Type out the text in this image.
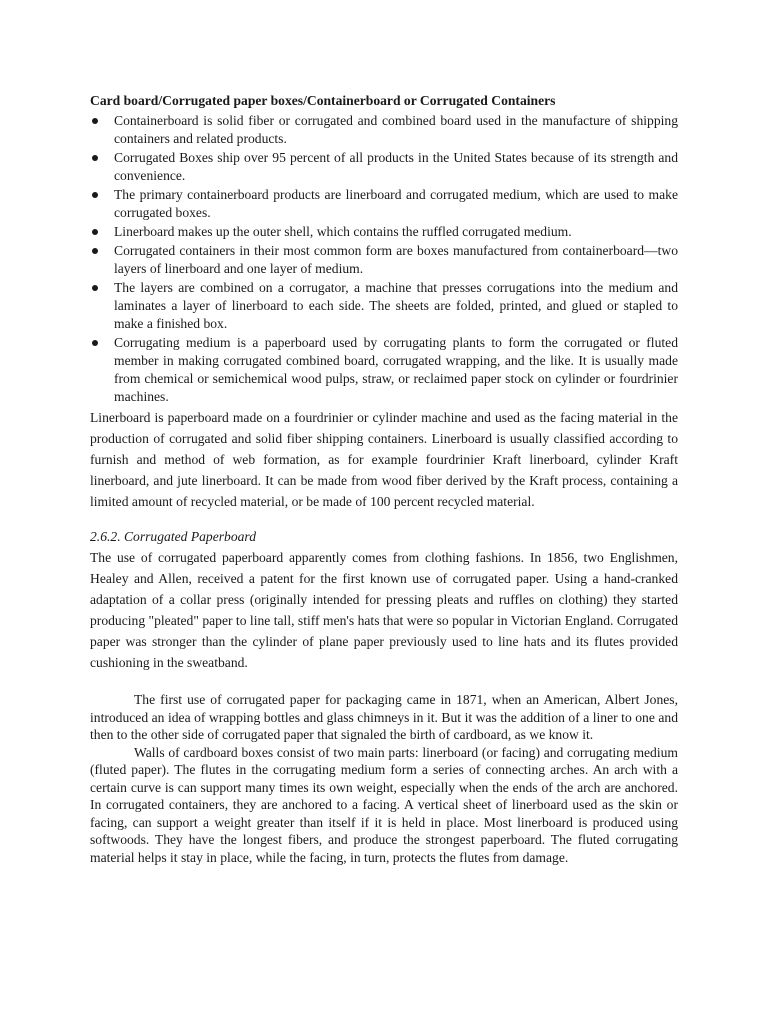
Card board/Corrugated paper boxes/Containerboard or Corrugated Containers
Containerboard is solid fiber or corrugated and combined board used in the manufacture of shipping containers and related products.
Corrugated Boxes ship over 95 percent of all products in the United States because of its strength and convenience.
The primary containerboard products are linerboard and corrugated medium, which are used to make corrugated boxes.
Linerboard makes up the outer shell, which contains the ruffled corrugated medium.
Corrugated containers in their most common form are boxes manufactured from containerboard—two layers of linerboard and one layer of medium.
The layers are combined on a corrugator, a machine that presses corrugations into the medium and laminates a layer of linerboard to each side. The sheets are folded, printed, and glued or stapled to make a finished box.
Corrugating medium is a paperboard used by corrugating plants to form the corrugated or fluted member in making corrugated combined board, corrugated wrapping, and the like. It is usually made from chemical or semichemical wood pulps, straw, or reclaimed paper stock on cylinder or fourdrinier machines.

Linerboard is paperboard made on a fourdrinier or cylinder machine and used as the facing material in the production of corrugated and solid fiber shipping containers. Linerboard is usually classified according to furnish and method of web formation, as for example fourdrinier Kraft linerboard, cylinder Kraft linerboard, and jute linerboard. It can be made from wood fiber derived by the Kraft process, containing a limited amount of recycled material, or be made of 100 percent recycled material.

2.6.2. Corrugated Paperboard

The use of corrugated paperboard apparently comes from clothing fashions. In 1856, two Englishmen, Healey and Allen, received a patent for the first known use of corrugated paper. Using a hand-cranked adaptation of a collar press (originally intended for pressing pleats and ruffles on clothing) they started producing "pleated" paper to line tall, stiff men's hats that were so popular in Victorian England. Corrugated paper was stronger than the cylinder of plane paper previously used to line hats and its flutes provided cushioning in the sweatband.

The first use of corrugated paper for packaging came in 1871, when an American, Albert Jones, introduced an idea of wrapping bottles and glass chimneys in it. But it was the addition of a liner to one and then to the other side of corrugated paper that signaled the birth of cardboard, as we know it.

Walls of cardboard boxes consist of two main parts: linerboard (or facing) and corrugating medium (fluted paper). The flutes in the corrugating medium form a series of connecting arches. An arch with a certain curve is can support many times its own weight, especially when the ends of the arch are anchored. In corrugated containers, they are anchored to a facing. A vertical sheet of linerboard used as the skin or facing, can support a weight greater than itself if it is held in place. Most linerboard is produced using softwoods. They have the longest fibers, and produce the strongest paperboard. The fluted corrugating material helps it stay in place, while the facing, in turn, protects the flutes from damage.
